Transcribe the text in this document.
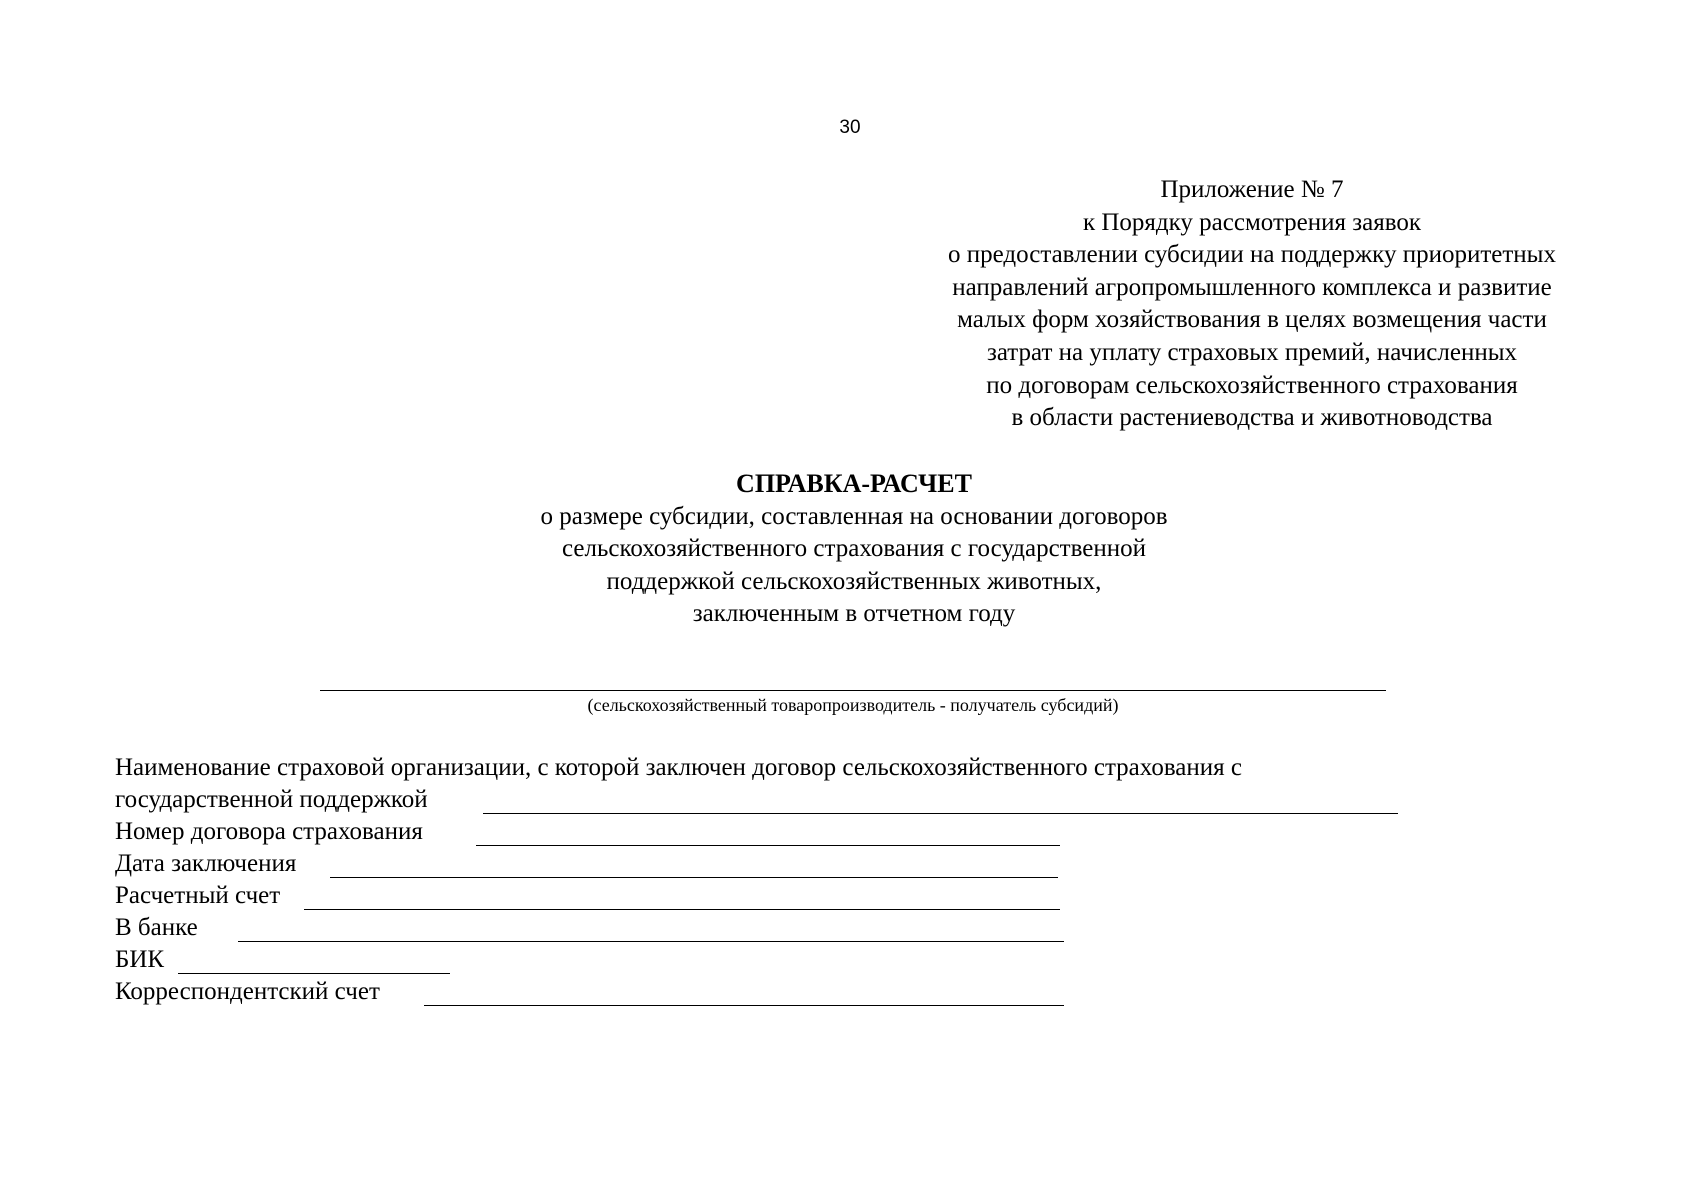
30
Приложение № 7
к Порядку рассмотрения заявок
о предоставлении субсидии на поддержку приоритетных
направлений агропромышленного комплекса и развитие
малых форм хозяйствования в целях возмещения части
затрат на уплату страховых премий, начисленных
по договорам сельскохозяйственного страхования
в области растениеводства и животноводства
СПРАВКА-РАСЧЕТ
о размере субсидии, составленная на основании договоров
сельскохозяйственного страхования с государственной
поддержкой сельскохозяйственных животных,
заключенным в отчетном году
(сельскохозяйственный товаропроизводитель - получатель субсидий)
Наименование страховой организации, с которой заключен договор сельскохозяйственного страхования с
государственной поддержкой
Номер договора страхования
Дата заключения
Расчетный счет
В банке
БИК
Корреспондентский счет
